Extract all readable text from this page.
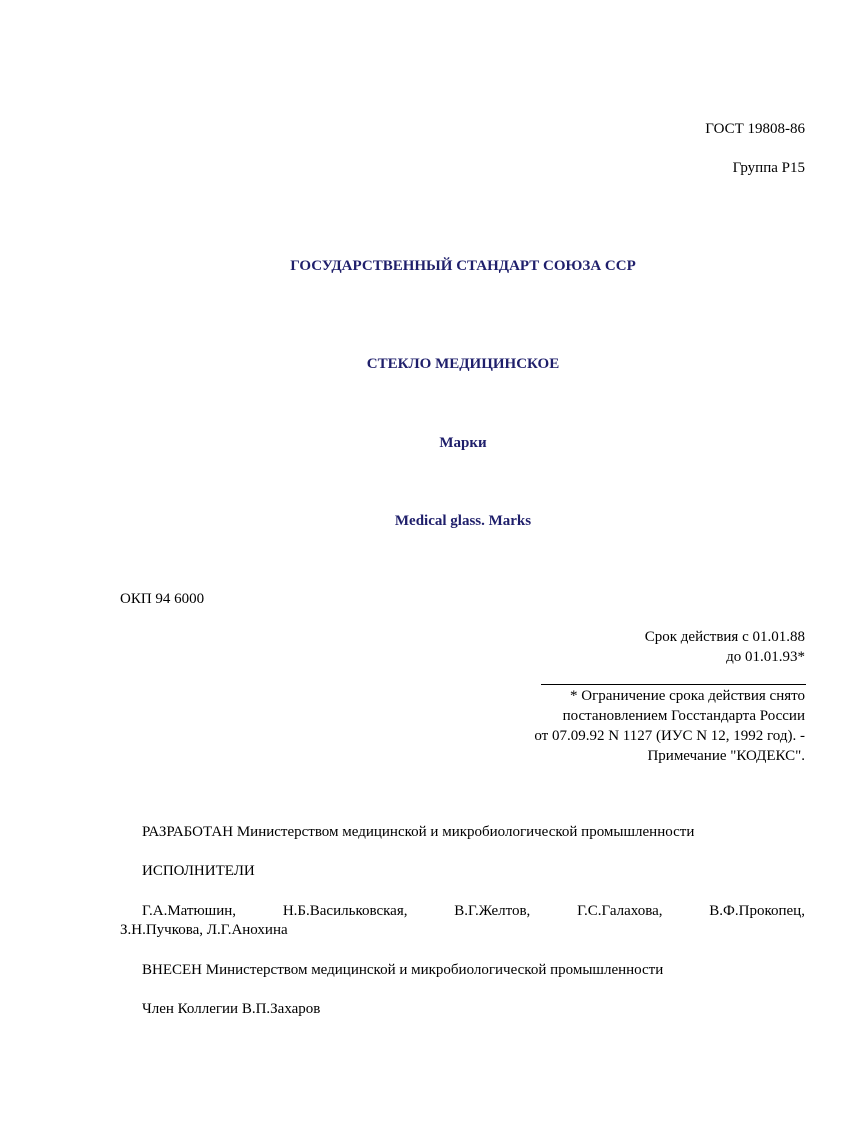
ГОСТ 19808-86
Группа Р15
ГОСУДАРСТВЕННЫЙ СТАНДАРТ СОЮЗА ССР
СТЕКЛО МЕДИЦИНСКОЕ
Марки
Medical glass. Marks
ОКП 94 6000
Срок действия с 01.01.88
до 01.01.93*
* Ограничение срока действия снято
постановлением Госстандарта России
от 07.09.92 N 1127 (ИУС N 12, 1992 год). -
Примечание "КОДЕКС".
РАЗРАБОТАН Министерством медицинской и микробиологической промышленности
ИСПОЛНИТЕЛИ
Г.А.Матюшин,	Н.Б.Васильковская,	В.Г.Желтов,	Г.С.Галахова,	В.Ф.Прокопец,
З.Н.Пучкова, Л.Г.Анохина
ВНЕСЕН Министерством медицинской и микробиологической промышленности
Член Коллегии В.П.Захаров
